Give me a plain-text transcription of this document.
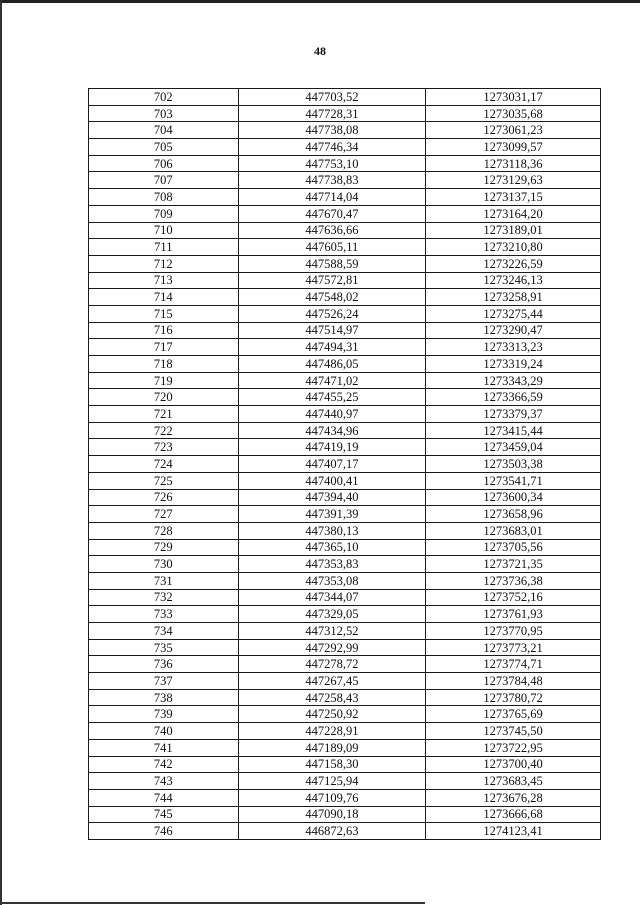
48
702	447703,52	1273031,17
703	447728,31	1273035,68
704	447738,08	1273061,23
705	447746,34	1273099,57
706	447753,10	1273118,36
707	447738,83	1273129,63
708	447714,04	1273137,15
709	447670,47	1273164,20
710	447636,66	1273189,01
711	447605,11	1273210,80
712	447588,59	1273226,59
713	447572,81	1273246,13
714	447548,02	1273258,91
715	447526,24	1273275,44
716	447514,97	1273290,47
717	447494,31	1273313,23
718	447486,05	1273319,24
719	447471,02	1273343,29
720	447455,25	1273366,59
721	447440,97	1273379,37
722	447434,96	1273415,44
723	447419,19	1273459,04
724	447407,17	1273503,38
725	447400,41	1273541,71
726	447394,40	1273600,34
727	447391,39	1273658,96
728	447380,13	1273683,01
729	447365,10	1273705,56
730	447353,83	1273721,35
731	447353,08	1273736,38
732	447344,07	1273752,16
733	447329,05	1273761,93
734	447312,52	1273770,95
735	447292,99	1273773,21
736	447278,72	1273774,71
737	447267,45	1273784,48
738	447258,43	1273780,72
739	447250,92	1273765,69
740	447228,91	1273745,50
741	447189,09	1273722,95
742	447158,30	1273700,40
743	447125,94	1273683,45
744	447109,76	1273676,28
745	447090,18	1273666,68
746	446872,63	1274123,41
